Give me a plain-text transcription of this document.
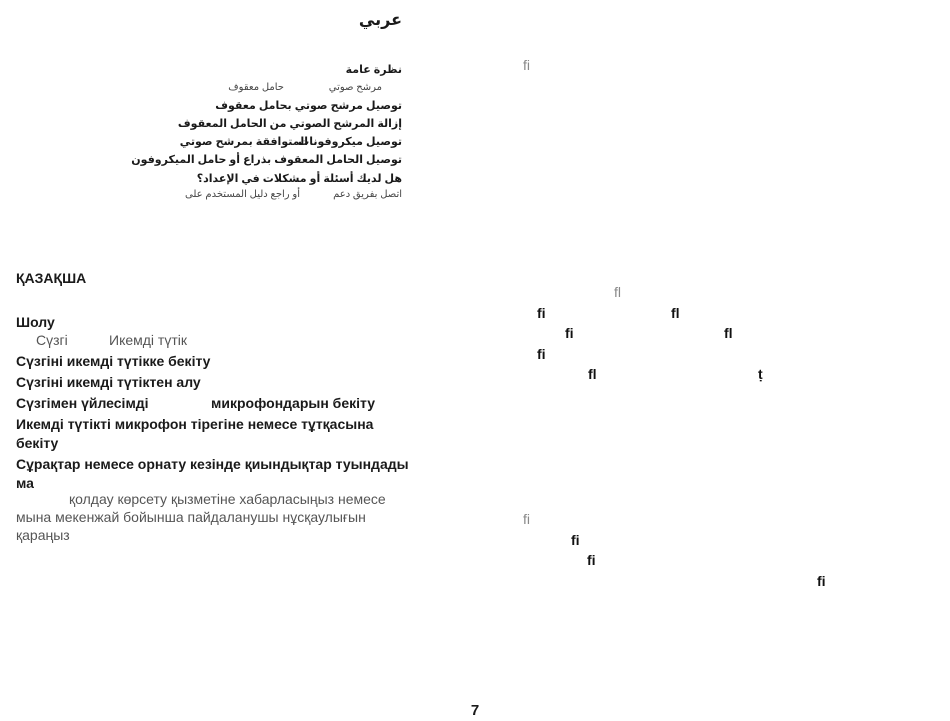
عربي
نظرة عامة
مرشح صوتي
حامل معقوف
توصيل مرشح صوتي بحامل معقوف
إزالة المرشح الصوتي من الحامل المعقوف
توصيل ميكروفونات
المتوافقة بمرشح صوتي
توصيل الحامل المعقوف بذراع أو حامل الميكروفون
هل لديك أسئلة أو مشكلات في الإعداد؟
اتصل بفريق دعم
أو راجع دليل المستخدم على
ҚАЗАҚША
Шолу
Сүзгі	Икемді түтік
Сүзгіні икемді түтікке бекіту
Сүзгіні икемді түтіктен алу
Сүзгімен үйлесімді	микрофондарын бекіту
Икемді түтікті микрофон тірегіне немесе тұтқасына бекіту
Сұрақтар немесе орнату кезінде қиындықтар туындады ма
қолдау көрсету қызметіне хабарласыңыз немесе мына мекенжай бойынша пайдаланушы нұсқаулығын қараңыз
ﬁ
ﬂ
ﬁ	ﬂ
ﬁ	ﬂ
ﬁ
ﬂ	ṭ
ﬁ
ﬁ
ﬁ
ﬁ
7
